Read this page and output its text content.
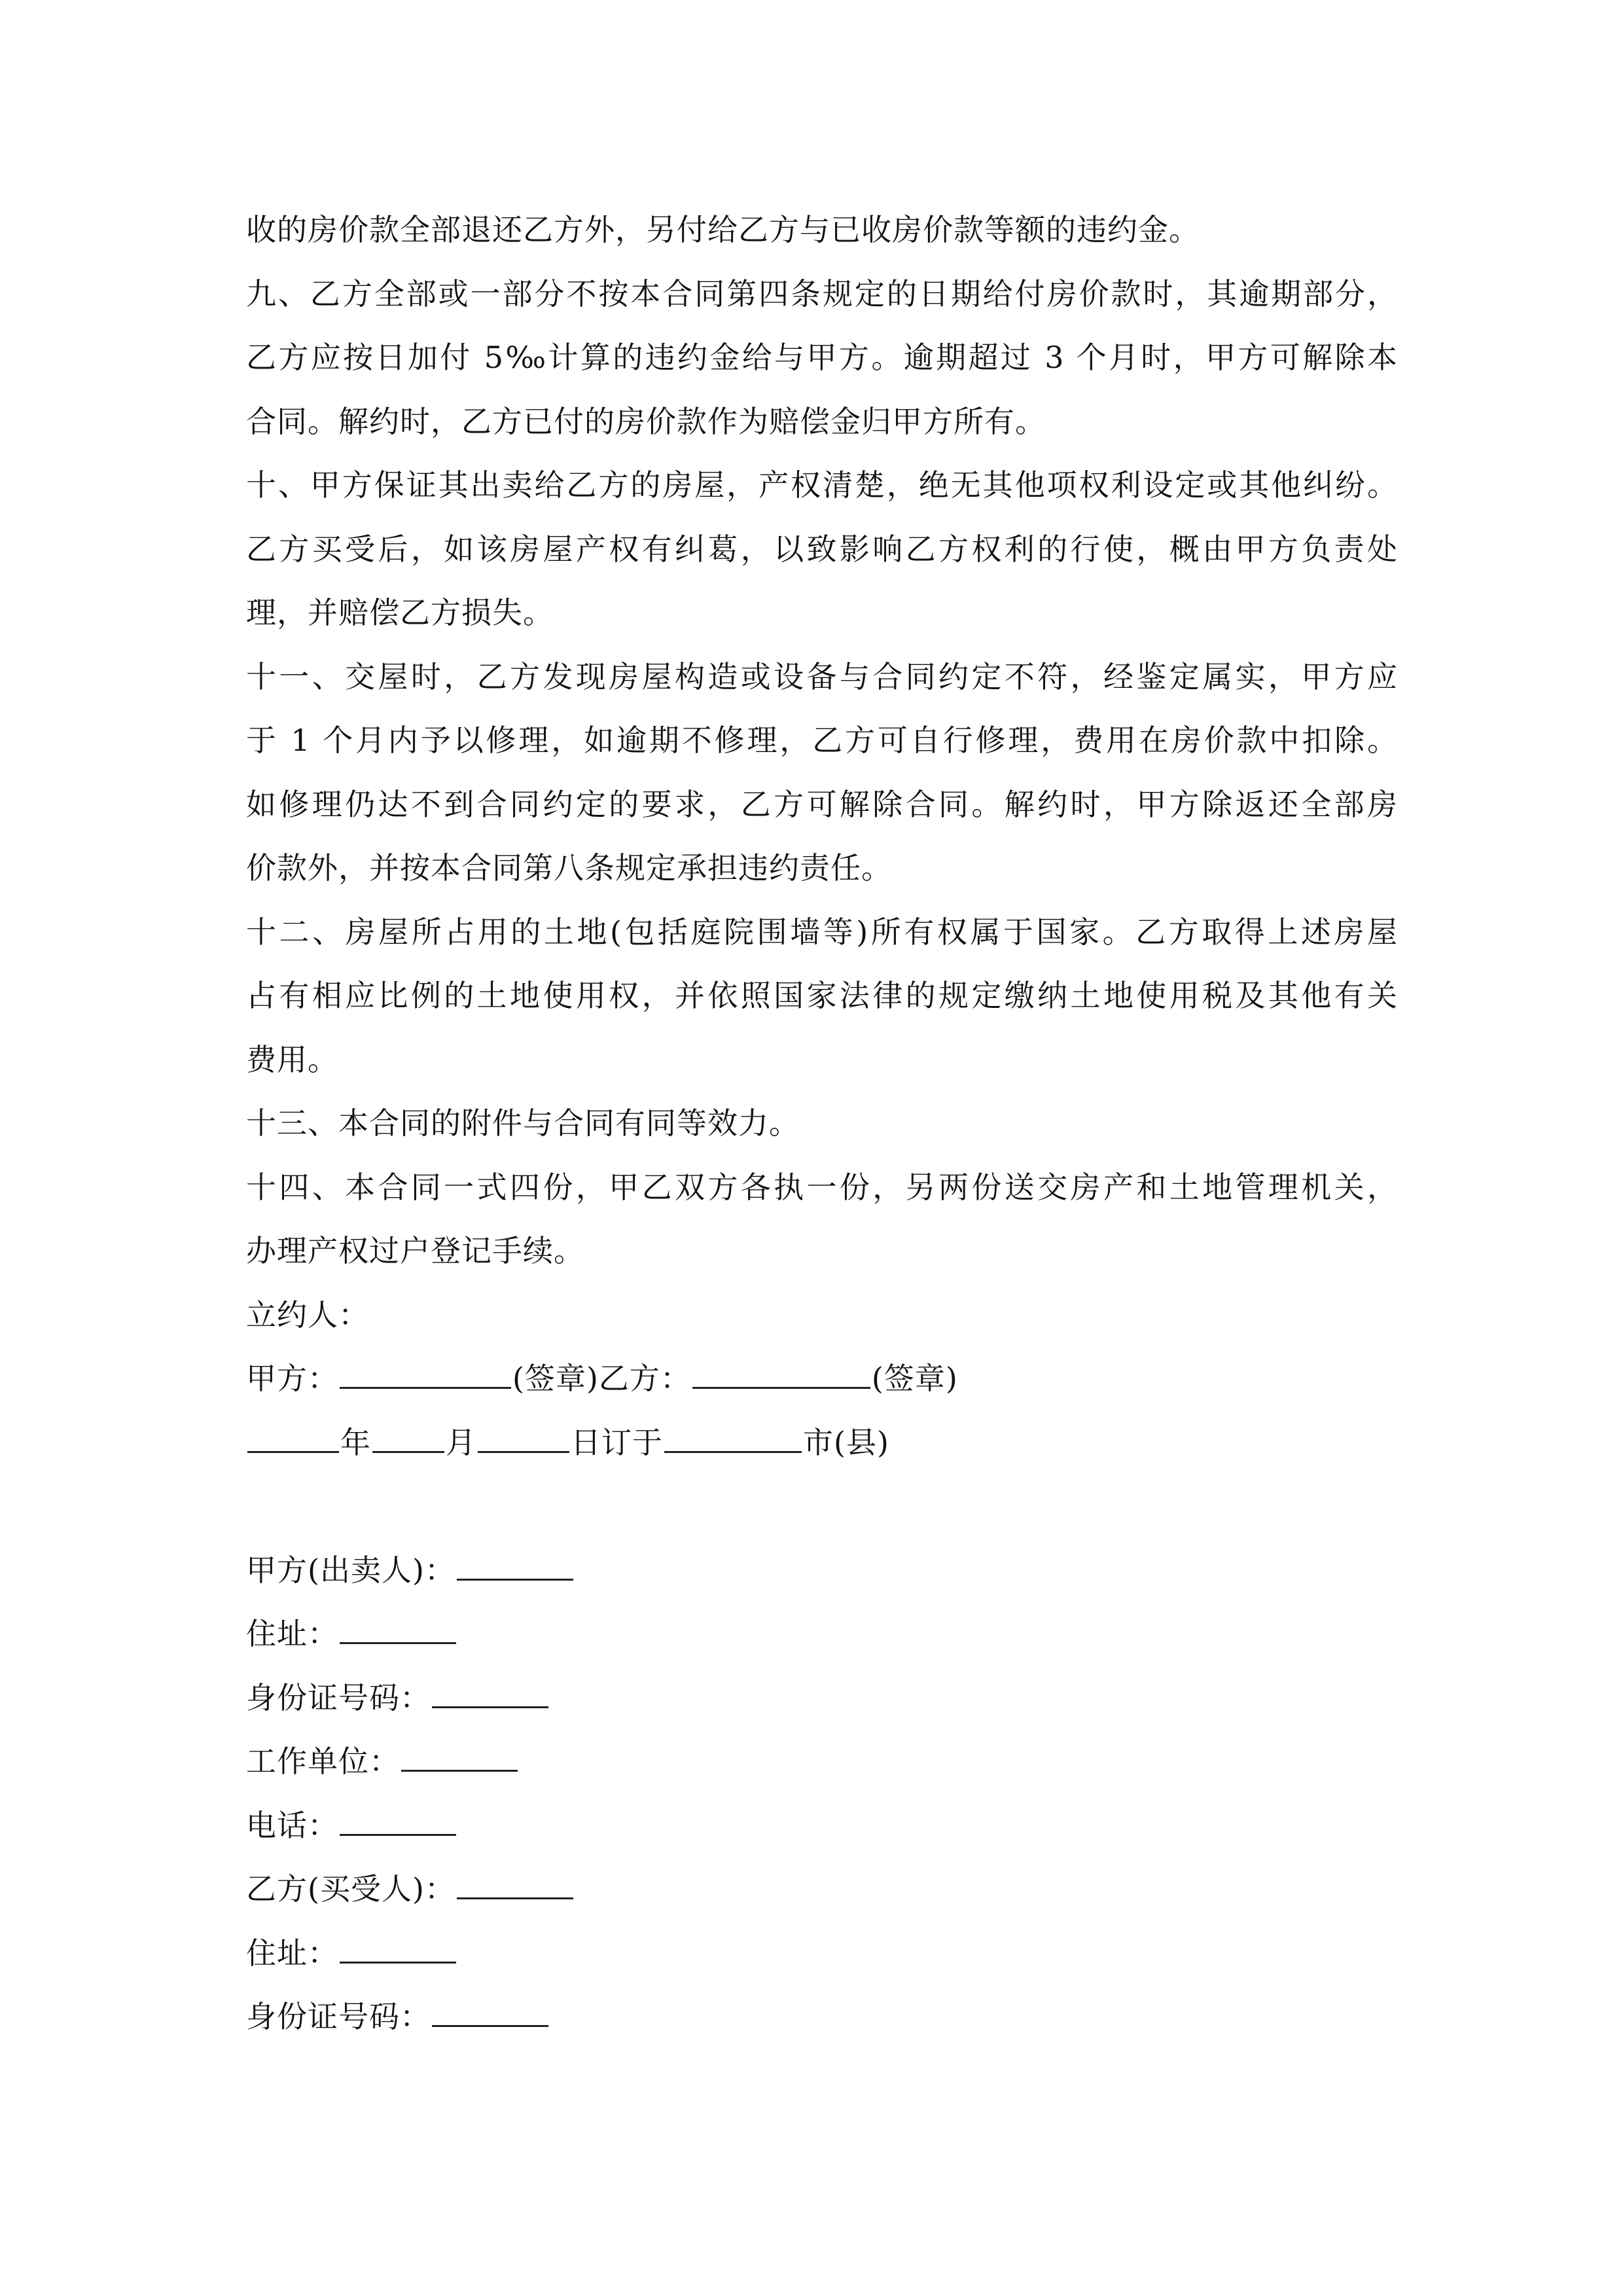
收的房价款全部退还乙方外，另付给乙方与已收房价款等额的违约金。
九、乙方全部或一部分不按本合同第四条规定的日期给付房价款时，其逾期部分，
乙方应按日加付 5‰计算的违约金给与甲方。逾期超过 3 个月时，甲方可解除本
合同。解约时，乙方已付的房价款作为赔偿金归甲方所有。
十、甲方保证其出卖给乙方的房屋，产权清楚，绝无其他项权利设定或其他纠纷。
乙方买受后，如该房屋产权有纠葛，以致影响乙方权利的行使，概由甲方负责处
理，并赔偿乙方损失。
十一、交屋时，乙方发现房屋构造或设备与合同约定不符，经鉴定属实，甲方应
于 1 个月内予以修理，如逾期不修理，乙方可自行修理，费用在房价款中扣除。
如修理仍达不到合同约定的要求，乙方可解除合同。解约时，甲方除返还全部房
价款外，并按本合同第八条规定承担违约责任。
十二、房屋所占用的土地(包括庭院围墙等)所有权属于国家。乙方取得上述房屋
占有相应比例的土地使用权，并依照国家法律的规定缴纳土地使用税及其他有关
费用。
十三、本合同的附件与合同有同等效力。
十四、本合同一式四份，甲乙双方各执一份，另两份送交房产和土地管理机关，
办理产权过户登记手续。
立约人：
甲方：	(签章)乙方：	(签章)
年 月	日订于	市(县)
甲方(出卖人)：
住址：
身份证号码：
工作单位：
电话：
乙方(买受人)：
住址：
身份证号码：
